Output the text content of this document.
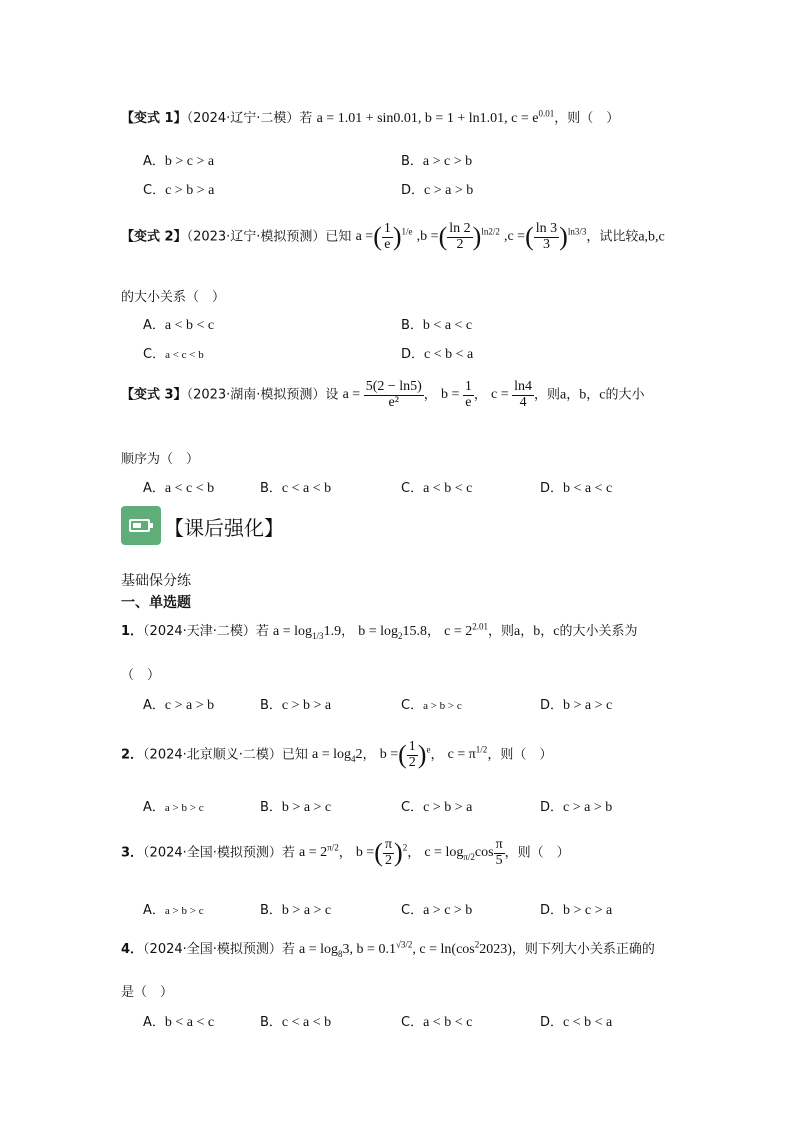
【变式 1】（2024·辽宁·二模）若 a = 1.01 + sin0.01, b = 1 + ln1.01, $c = e^{0.01}$，则（　）
A．b > c > a	B．a > c > b
C．c > b > a	D．c > a > b
【变式 2】（2023·辽宁·模拟预测）已知 a =( $\frac{1}{e} )^{1/e}$ ,b =( $\frac{\ln 2}{2} )^{ln2/2}$ ,c =( $\frac{\ln 3}{3} )^{ln3/3}$，试比较a,b,c
的大小关系（　）
A．a < b < c	B．b < a < c
C．a < c < b	D．c < b < a
【变式 3】（2023·湖南·模拟预测）设 $a = \frac{5(2 - \ln 5)}{\text{e²}}$ ， $b = \frac{1}{e}$ ， $c = \frac{\ln 4}{4}$ ，则a，b，c的大小
顺序为（　）
A．a < c < b	B．c < a < b	C．a < b < c	D．b < a < c
【课后强化】
基础保分练
一、单选题
1．（2024·天津·二模）若 $a = \log_{1/3}1.9$， $b = \log_215.8$， $c = 2^{2.01}$，则a，b，c的大小关系为
（　）
A．c > a > b	B．c > b > a	C．a > b > c	D．b > a > c
2．（2024·北京顺义·二模）已知 $a = \log_42$， b =( $\frac{1}{2} )^e$， $c = \pi^{1/2}$，则（　）
A．a > b > c	B．b > a > c	C．c > b > a	D．c > a > b
3．（2024·全国·模拟预测）若 $a = 2^{\pi/2}$， b =( $\frac{\pi}{2} )^2$， $c = \log_{\pi/2}\cos \frac{\pi}{5}$ ，则（　）
A．a > b > c	B．b > a > c	C．a > c > b	D．b > c > a
4．（2024·全国·模拟预测）若 $a = \log_83$, $b = 0.1^{√3/2}$, $c = \ln(\cos^22023)$，则下列大小关系正确的
是（　）
A．b < a < c	B．c < a < b	C．a < b < c	D．c < b < a
